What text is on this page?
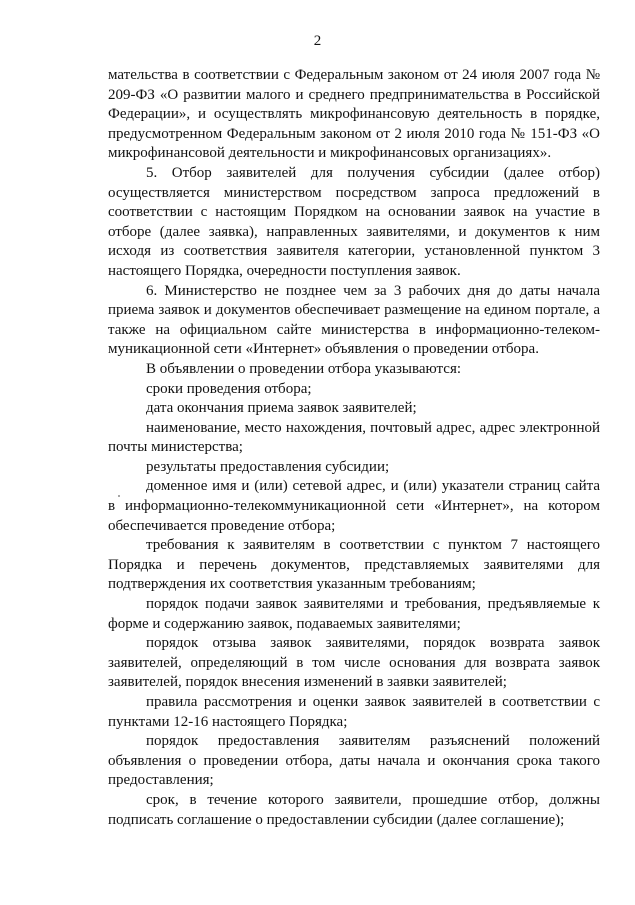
2

мательства в соответствии с Федеральным законом от 24 июля 2007 года № 209-ФЗ «О развитии малого и среднего предпринимательства в Российской Федерации», и осуществлять микрофинансовую деятельность в порядке, предусмотренном Федеральным законом от 2 июля 2010 года № 151-ФЗ «О микрофинансовой деятельности и микрофинансовых организациях».

5. Отбор заявителей для получения субсидии (далее отбор) осуществляется министерством посредством запроса предложений в соответствии с настоящим Порядком на основании заявок на участие в отборе (далее заявка), направленных заявителями, и документов к ним исходя из соответствия заявителя категории, установленной пунктом 3 настоящего Порядка, очередности поступления заявок.

6. Министерство не позднее чем за 3 рабочих дня до даты начала приема заявок и документов обеспечивает размещение на едином портале, а также на официальном сайте министерства в информационно-телеком-муникационной сети «Интернет» объявления о проведении отбора.

В объявлении о проведении отбора указываются:

сроки проведения отбора;

дата окончания приема заявок заявителей;

наименование, место нахождения, почтовый адрес, адрес электронной почты министерства;

результаты предоставления субсидии;

доменное имя и (или) сетевой адрес, и (или) указатели страниц сайта в информационно-телекоммуникационной сети «Интернет», на котором обеспечивается проведение отбора;

требования к заявителям в соответствии с пунктом 7 настоящего Порядка и перечень документов, представляемых заявителями для подтверждения их соответствия указанным требованиям;

порядок подачи заявок заявителями и требования, предъявляемые к форме и содержанию заявок, подаваемых заявителями;

порядок отзыва заявок заявителями, порядок возврата заявок заявителей, определяющий в том числе основания для возврата заявок заявителей, порядок внесения изменений в заявки заявителей;

правила рассмотрения и оценки заявок заявителей в соответствии с пунктами 12-16 настоящего Порядка;

порядок предоставления заявителям разъяснений положений объявления о проведении отбора, даты начала и окончания срока такого предоставления;

срок, в течение которого заявители, прошедшие отбор, должны подписать соглашение о предоставлении субсидии (далее соглашение);
